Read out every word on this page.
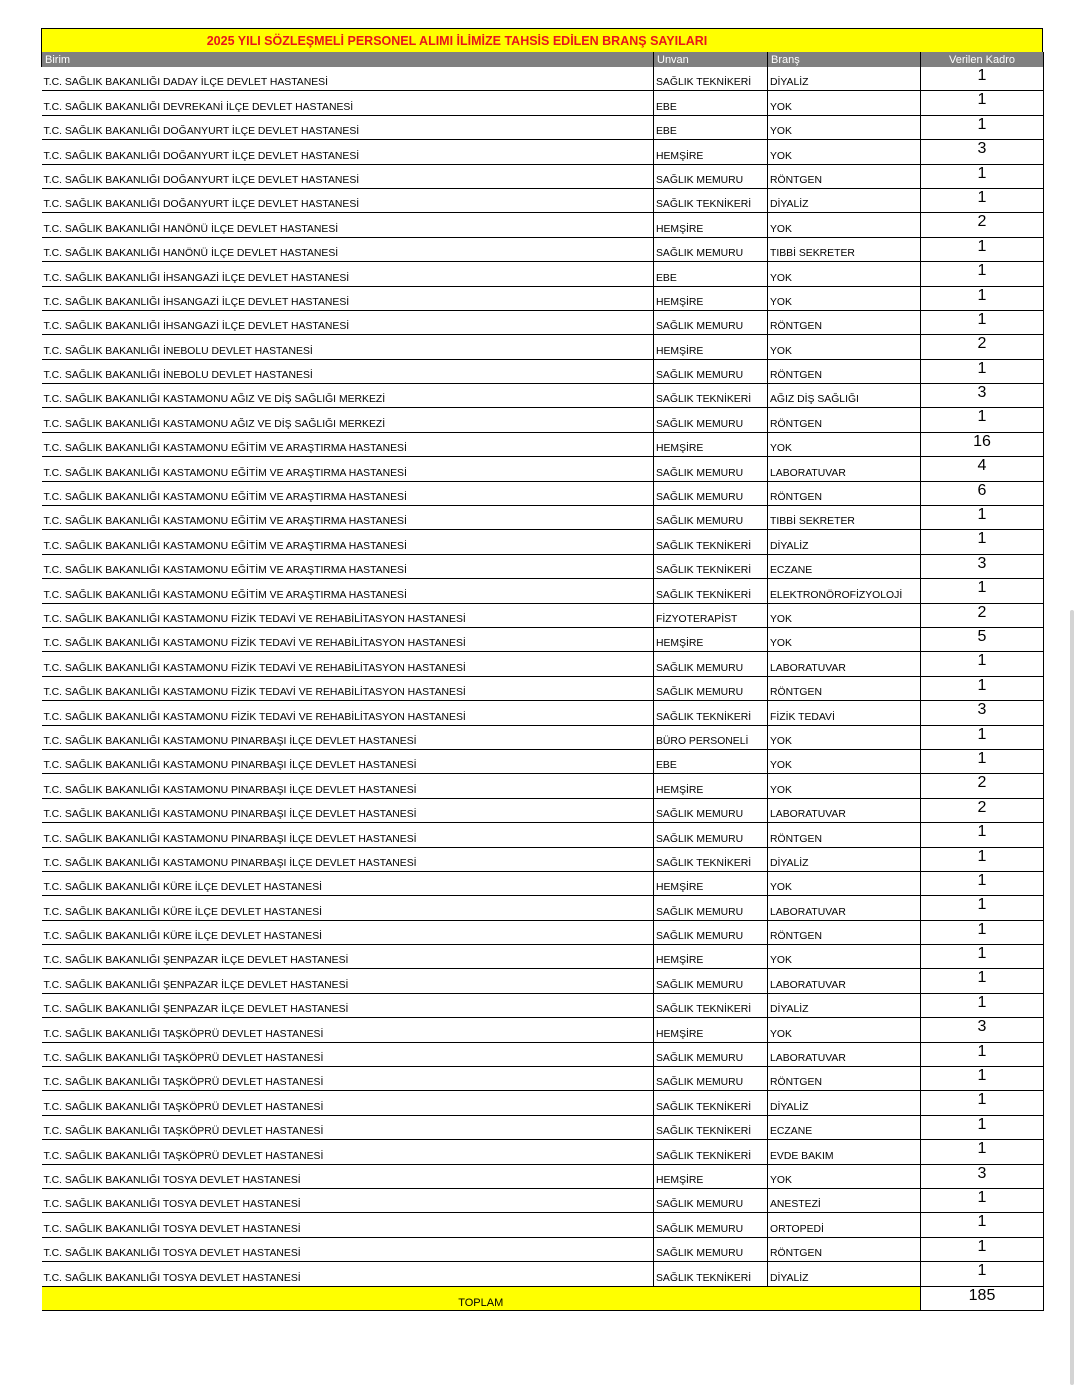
2025 YILI SÖZLEŞMELİ PERSONEL ALIMI İLİMİZE TAHSİS EDİLEN BRANŞ SAYILARI
Birim	Unvan	Branş	Verilen Kadro
T.C. SAĞLIK BAKANLIĞI DADAY İLÇE DEVLET HASTANESİ	SAĞLIK TEKNİKERİ	DİYALİZ	1
T.C. SAĞLIK BAKANLIĞI DEVREKANİ İLÇE DEVLET HASTANESİ	EBE	YOK	1
T.C. SAĞLIK BAKANLIĞI DOĞANYURT İLÇE DEVLET HASTANESİ	EBE	YOK	1
T.C. SAĞLIK BAKANLIĞI DOĞANYURT İLÇE DEVLET HASTANESİ	HEMŞİRE	YOK	3
T.C. SAĞLIK BAKANLIĞI DOĞANYURT İLÇE DEVLET HASTANESİ	SAĞLIK MEMURU	RÖNTGEN	1
T.C. SAĞLIK BAKANLIĞI DOĞANYURT İLÇE DEVLET HASTANESİ	SAĞLIK TEKNİKERİ	DİYALİZ	1
T.C. SAĞLIK BAKANLIĞI HANÖNÜ İLÇE DEVLET HASTANESİ	HEMŞİRE	YOK	2
T.C. SAĞLIK BAKANLIĞI HANÖNÜ İLÇE DEVLET HASTANESİ	SAĞLIK MEMURU	TIBBİ SEKRETER	1
T.C. SAĞLIK BAKANLIĞI İHSANGAZİ İLÇE DEVLET HASTANESİ	EBE	YOK	1
T.C. SAĞLIK BAKANLIĞI İHSANGAZİ İLÇE DEVLET HASTANESİ	HEMŞİRE	YOK	1
T.C. SAĞLIK BAKANLIĞI İHSANGAZİ İLÇE DEVLET HASTANESİ	SAĞLIK MEMURU	RÖNTGEN	1
T.C. SAĞLIK BAKANLIĞI İNEBOLU DEVLET HASTANESİ	HEMŞİRE	YOK	2
T.C. SAĞLIK BAKANLIĞI İNEBOLU DEVLET HASTANESİ	SAĞLIK MEMURU	RÖNTGEN	1
T.C. SAĞLIK BAKANLIĞI KASTAMONU AĞIZ VE DİŞ SAĞLIĞI MERKEZİ	SAĞLIK TEKNİKERİ	AĞIZ DİŞ SAĞLIĞI	3
T.C. SAĞLIK BAKANLIĞI KASTAMONU AĞIZ VE DİŞ SAĞLIĞI MERKEZİ	SAĞLIK MEMURU	RÖNTGEN	1
T.C. SAĞLIK BAKANLIĞI KASTAMONU EĞİTİM VE ARAŞTIRMA HASTANESİ	HEMŞİRE	YOK	16
T.C. SAĞLIK BAKANLIĞI KASTAMONU EĞİTİM VE ARAŞTIRMA HASTANESİ	SAĞLIK MEMURU	LABORATUVAR	4
T.C. SAĞLIK BAKANLIĞI KASTAMONU EĞİTİM VE ARAŞTIRMA HASTANESİ	SAĞLIK MEMURU	RÖNTGEN	6
T.C. SAĞLIK BAKANLIĞI KASTAMONU EĞİTİM VE ARAŞTIRMA HASTANESİ	SAĞLIK MEMURU	TIBBİ SEKRETER	1
T.C. SAĞLIK BAKANLIĞI KASTAMONU EĞİTİM VE ARAŞTIRMA HASTANESİ	SAĞLIK TEKNİKERİ	DİYALİZ	1
T.C. SAĞLIK BAKANLIĞI KASTAMONU EĞİTİM VE ARAŞTIRMA HASTANESİ	SAĞLIK TEKNİKERİ	ECZANE	3
T.C. SAĞLIK BAKANLIĞI KASTAMONU EĞİTİM VE ARAŞTIRMA HASTANESİ	SAĞLIK TEKNİKERİ	ELEKTRONÖROFİZYOLOJİ	1
T.C. SAĞLIK BAKANLIĞI KASTAMONU FİZİK TEDAVİ VE REHABİLİTASYON HASTANESİ	FİZYOTERAPİST	YOK	2
T.C. SAĞLIK BAKANLIĞI KASTAMONU FİZİK TEDAVİ VE REHABİLİTASYON HASTANESİ	HEMŞİRE	YOK	5
T.C. SAĞLIK BAKANLIĞI KASTAMONU FİZİK TEDAVİ VE REHABİLİTASYON HASTANESİ	SAĞLIK MEMURU	LABORATUVAR	1
T.C. SAĞLIK BAKANLIĞI KASTAMONU FİZİK TEDAVİ VE REHABİLİTASYON HASTANESİ	SAĞLIK MEMURU	RÖNTGEN	1
T.C. SAĞLIK BAKANLIĞI KASTAMONU FİZİK TEDAVİ VE REHABİLİTASYON HASTANESİ	SAĞLIK TEKNİKERİ	FİZİK TEDAVİ	3
T.C. SAĞLIK BAKANLIĞI KASTAMONU PINARBAŞI İLÇE DEVLET HASTANESİ	BÜRO PERSONELİ	YOK	1
T.C. SAĞLIK BAKANLIĞI KASTAMONU PINARBAŞI İLÇE DEVLET HASTANESİ	EBE	YOK	1
T.C. SAĞLIK BAKANLIĞI KASTAMONU PINARBAŞI İLÇE DEVLET HASTANESİ	HEMŞİRE	YOK	2
T.C. SAĞLIK BAKANLIĞI KASTAMONU PINARBAŞI İLÇE DEVLET HASTANESİ	SAĞLIK MEMURU	LABORATUVAR	2
T.C. SAĞLIK BAKANLIĞI KASTAMONU PINARBAŞI İLÇE DEVLET HASTANESİ	SAĞLIK MEMURU	RÖNTGEN	1
T.C. SAĞLIK BAKANLIĞI KASTAMONU PINARBAŞI İLÇE DEVLET HASTANESİ	SAĞLIK TEKNİKERİ	DİYALİZ	1
T.C. SAĞLIK BAKANLIĞI KÜRE İLÇE DEVLET HASTANESİ	HEMŞİRE	YOK	1
T.C. SAĞLIK BAKANLIĞI KÜRE İLÇE DEVLET HASTANESİ	SAĞLIK MEMURU	LABORATUVAR	1
T.C. SAĞLIK BAKANLIĞI KÜRE İLÇE DEVLET HASTANESİ	SAĞLIK MEMURU	RÖNTGEN	1
T.C. SAĞLIK BAKANLIĞI ŞENPAZAR İLÇE DEVLET HASTANESİ	HEMŞİRE	YOK	1
T.C. SAĞLIK BAKANLIĞI ŞENPAZAR İLÇE DEVLET HASTANESİ	SAĞLIK MEMURU	LABORATUVAR	1
T.C. SAĞLIK BAKANLIĞI ŞENPAZAR İLÇE DEVLET HASTANESİ	SAĞLIK TEKNİKERİ	DİYALİZ	1
T.C. SAĞLIK BAKANLIĞI TAŞKÖPRÜ DEVLET HASTANESİ	HEMŞİRE	YOK	3
T.C. SAĞLIK BAKANLIĞI TAŞKÖPRÜ DEVLET HASTANESİ	SAĞLIK MEMURU	LABORATUVAR	1
T.C. SAĞLIK BAKANLIĞI TAŞKÖPRÜ DEVLET HASTANESİ	SAĞLIK MEMURU	RÖNTGEN	1
T.C. SAĞLIK BAKANLIĞI TAŞKÖPRÜ DEVLET HASTANESİ	SAĞLIK TEKNİKERİ	DİYALİZ	1
T.C. SAĞLIK BAKANLIĞI TAŞKÖPRÜ DEVLET HASTANESİ	SAĞLIK TEKNİKERİ	ECZANE	1
T.C. SAĞLIK BAKANLIĞI TAŞKÖPRÜ DEVLET HASTANESİ	SAĞLIK TEKNİKERİ	EVDE BAKIM	1
T.C. SAĞLIK BAKANLIĞI TOSYA DEVLET HASTANESİ	HEMŞİRE	YOK	3
T.C. SAĞLIK BAKANLIĞI TOSYA DEVLET HASTANESİ	SAĞLIK MEMURU	ANESTEZİ	1
T.C. SAĞLIK BAKANLIĞI TOSYA DEVLET HASTANESİ	SAĞLIK MEMURU	ORTOPEDİ	1
T.C. SAĞLIK BAKANLIĞI TOSYA DEVLET HASTANESİ	SAĞLIK MEMURU	RÖNTGEN	1
T.C. SAĞLIK BAKANLIĞI TOSYA DEVLET HASTANESİ	SAĞLIK TEKNİKERİ	DİYALİZ	1
TOPLAM			185
